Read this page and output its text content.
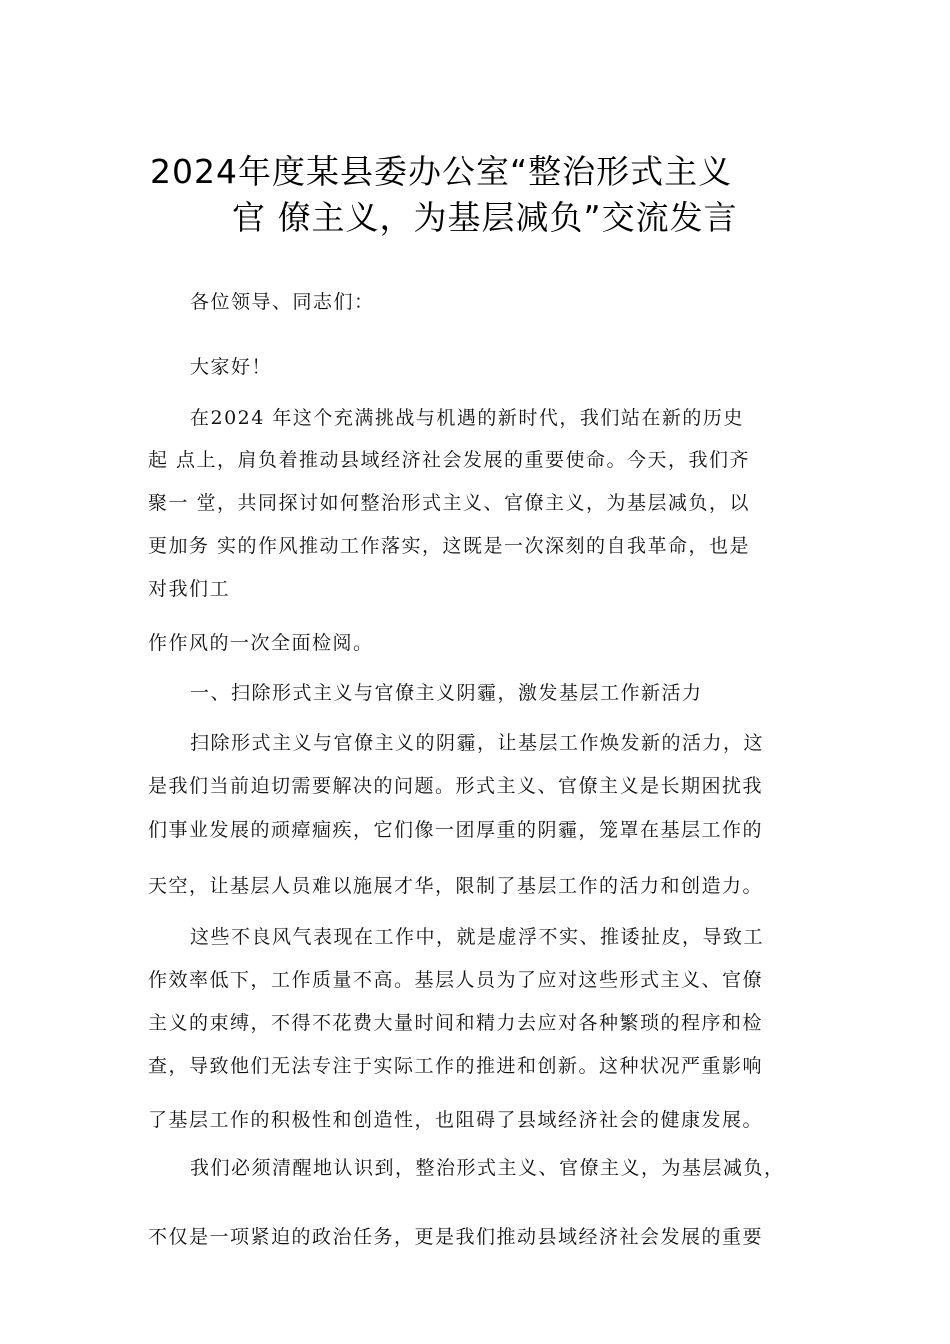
2024年度某县委办公室“整治形式主义
官 僚主义，为基层减负”交流发言

各位领导、同志们：

大家好！

在2024 年这个充满挑战与机遇的新时代，我们站在新的历史

起 点上，肩负着推动县域经济社会发展的重要使命。今天，我们齐

聚一 堂，共同探讨如何整治形式主义、官僚主义，为基层减负，以

更加务 实的作风推动工作落实，这既是一次深刻的自我革命，也是

对我们工

作作风的一次全面检阅。

一、扫除形式主义与官僚主义阴霾，激发基层工作新活力

扫除形式主义与官僚主义的阴霾，让基层工作焕发新的活力，这

是我们当前迫切需要解决的问题。形式主义、官僚主义是长期困扰我

们事业发展的顽瘴痼疾，它们像一团厚重的阴霾，笼罩在基层工作的

天空，让基层人员难以施展才华，限制了基层工作的活力和创造力。

这些不良风气表现在工作中，就是虚浮不实、推诿扯皮，导致工

作效率低下，工作质量不高。基层人员为了应对这些形式主义、官僚

主义的束缚，不得不花费大量时间和精力去应对各种繁琐的程序和检

查，导致他们无法专注于实际工作的推进和创新。这种状况严重影响

了基层工作的积极性和创造性，也阻碍了县域经济社会的健康发展。

我们必须清醒地认识到，整治形式主义、官僚主义，为基层减负，

不仅是一项紧迫的政治任务，更是我们推动县域经济社会发展的重要
